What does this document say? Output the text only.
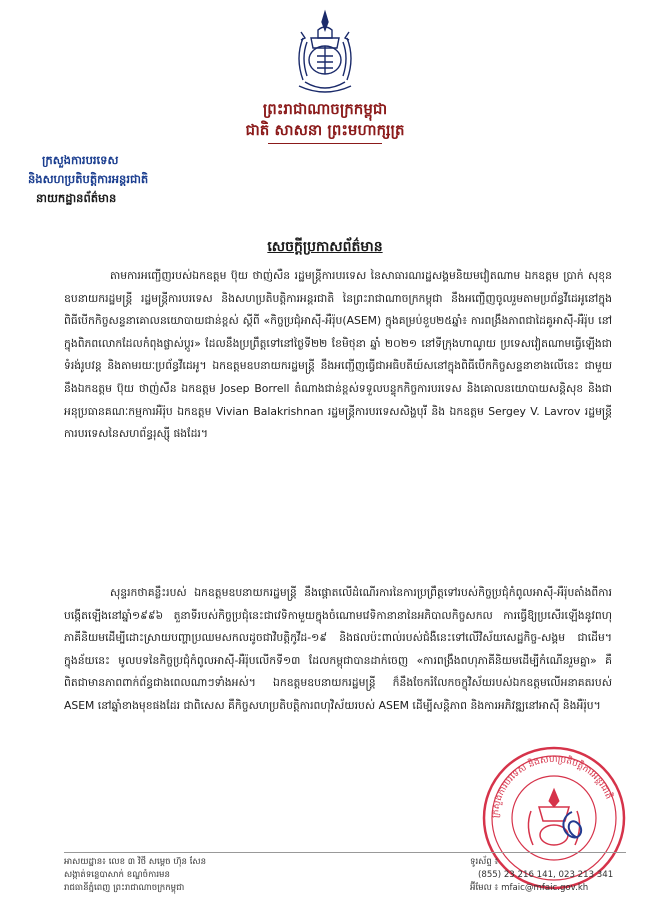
ព្រះរាជាណាចក្រកម្ពុជា
ជាតិ សាសនា ព្រះមហាក្សត្រ
ក្រសួងការបរទេស
និងសហប្រតិបត្តិការអន្តរជាតិ
នាយកដ្ឋានព័ត៌មាន
សេចក្តីប្រកាសព័ត៌មាន
តាមការអញ្ជើញរបស់ឯកឧត្តម ប៊ុយ ថាញ់សឺន រដ្ឋមន្ត្រីការបរទេស នៃសាធារណរដ្ឋសង្គមនិយមវៀតណាម ឯកឧត្តម ប្រាក់ សុខុន ឧបនាយករដ្ឋមន្ត្រី រដ្ឋមន្ត្រីការបរទេស និងសហប្រតិបត្តិការអន្តរជាតិ នៃព្រះរាជាណាចក្រកម្ពុជា នឹងអញ្ជើញចូលរួមតាមប្រព័ន្ធវីដេអូនៅក្នុងពិធីបើកកិច្ចសន្ទនាគោលនយោបាយជាន់ខ្ពស់ ស្តីពី «កិច្ចប្រជុំអាស៊ី-អឺរ៉ុប(ASEM) ក្នុងគម្រប់ខួប២៥ឆ្នាំ៖ ការពង្រឹងភាពជាដៃគូអាស៊ី-អឺរ៉ុប នៅក្នុងពិភពលោកដែលកំពុងផ្លាស់ប្តូរ» ដែលនឹងប្រព្រឹត្តទៅនៅថ្ងៃទី២២ ខែមិថុនា ឆ្នាំ ២០២១ នៅទីក្រុងហាណូយ ប្រទេសវៀតណាមធ្វើឡើងជាទំរង់រូបវន្ត និងតាមរយៈប្រព័ន្ធវីដេអូ។ ឯកឧត្តមឧបនាយករដ្ឋមន្ត្រី នឹងអញ្ជើញធ្វើជាអធិបតីយ៍សនៅក្នុងពិធីបើកកិច្ចសន្ទនាខាងលើនេះ ជាមួយនឹងឯកឧត្តម ប៊ុយ ថាញ់សឺន ឯកឧត្តម Josep Borrell តំណាងជាន់ខ្ពស់ទទួលបន្ទុកកិច្ចការបរទេស និងគោលនយោបាយសន្តិសុខ និងជាអនុប្រធានគណៈកម្មការអឺរ៉ុប ឯកឧត្តម Vivian Balakrishnan រដ្ឋមន្ត្រីការបរទេសសិង្ហបុរី និង ឯកឧត្តម Sergey V. Lavrov រដ្ឋមន្ត្រីការបរទេសនៃសហព័ន្ធរុស្ស៊ី ផងដែរ។
សុន្ទរកថាគន្លឹះរបស់ ឯកឧត្តមឧបនាយករដ្ឋមន្ត្រី នឹងផ្តោតលើដំណើរការនៃការប្រព្រឹត្តទៅរបស់កិច្ចប្រជុំកំពូលអាស៊ី-អឺរ៉ុបតាំងពីការបង្កើតឡើងនៅឆ្នាំ១៩៩៦ តួនាទីរបស់កិច្ចប្រជុំនេះជាវេទិកាមួយក្នុងចំណោមវេទិកានានានៃអភិបាលកិច្ចសកល ការធ្វើឱ្យប្រសើរឡើងនូវពហុភាគីនិយមដើម្បីដោះស្រាយបញ្ហាប្រឈមសកលដូចជាវិបត្តិកូវីដ-១៩ និងផលប៉ះពាល់របស់ជំងឺនេះទៅលើវិស័យសេដ្ឋកិច្ច-សង្គម ជាដើម។ ក្នុងន័យនេះ មូលបទនៃកិច្ចប្រជុំកំពូលអាស៊ី-អឺរ៉ុបលើកទី១៣ ដែលកម្ពុជាបានដាក់ចេញ «ការពង្រឹងពហុភាគីនិយមដើម្បីកំណើនរួមគ្នា» គឺពិតជាមានភាពពាក់ព័ន្ធជាងពេលណាៗទាំងអស់។ ឯកឧត្តមឧបនាយករដ្ឋមន្ត្រី ក៏នឹងចែករំលែកចក្ខុវិស័យរបស់ឯកឧត្តមលើអនាគតរបស់ ASEM នៅឆ្នាំខាងមុខផងដែរ ជាពិសេស គឺកិច្ចសហប្រតិបត្តិការពហុវិស័យរបស់ ASEM ដើម្បីសន្តិភាព និងការអភិវឌ្ឍនៅអាស៊ី និងអឺរ៉ុប។
ក្រសួងការបរទេស និងសហប្រតិបត្តិការអន្តរជាតិ
អាសយដ្ឋាន៖ លេខ ៣ វិថី សម្តេច ហ៊ុន សែន
សង្កាត់ទន្លេបាសាក់ ខណ្ឌចំការមន
រាជធានីភ្នំពេញ ព្រះរាជាណាចក្រកម្ពុជា
ទូរស័ព្ទ ៖
(855) 23 216 141, 023 213 341
អ៊ីមែល ៖ mfaic@mfaic.gov.kh
